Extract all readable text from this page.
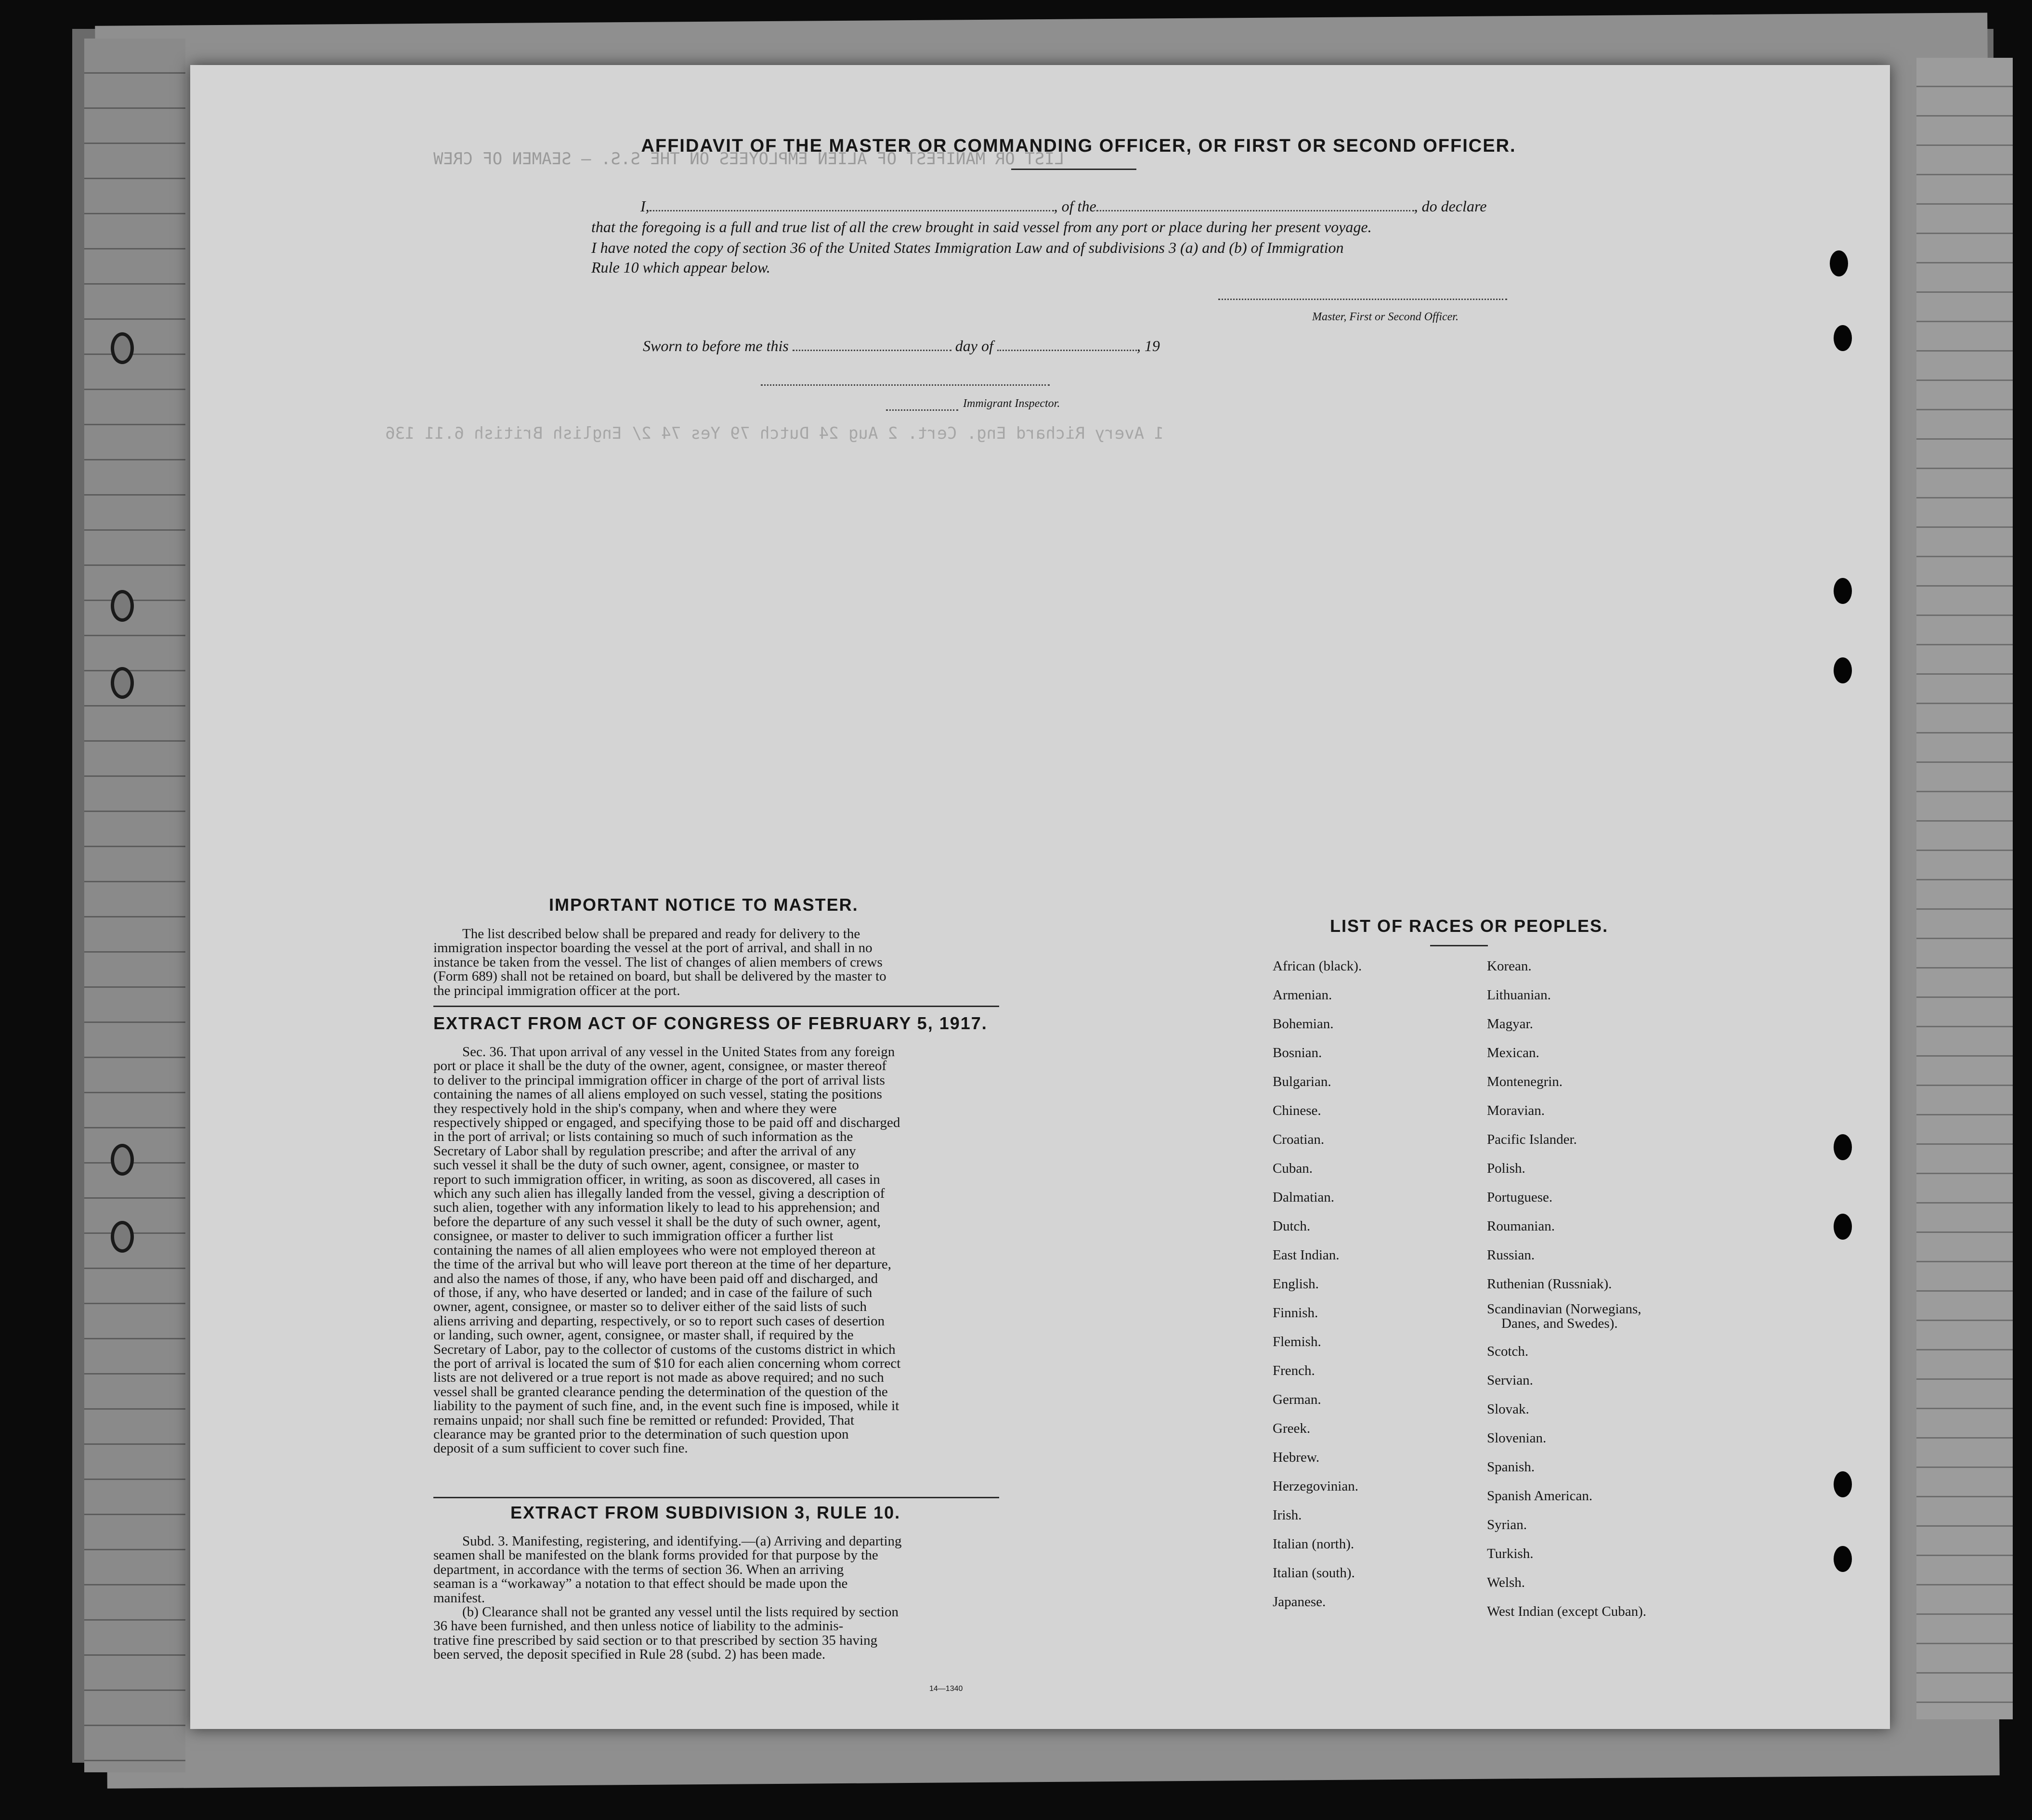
LIST OR MANIFEST OF ALIEN EMPLOYEES ON THE S.S. — SEAMEN OF CREW
1 Avery Richard Eng. Cert. 2 Aug 24 Dutch 79 Yes 74 2/ English British 6.11 136
AFFIDAVIT OF THE MASTER OR COMMANDING OFFICER, OR FIRST OR SECOND OFFICER.
I,	, of the	, do declare
that the foregoing is a full and true list of all the crew brought in said vessel from any port or place during her present voyage.
I have noted the copy of section 36 of the United States Immigration Law and of subdivisions 3 (a) and (b) of Immigration
Rule 10 which appear below.
Master, First or Second Officer.
Sworn to before me this	day of	, 19
Immigrant Inspector.
IMPORTANT NOTICE TO MASTER.
The list described below shall be prepared and ready for delivery to the
immigration inspector boarding the vessel at the port of arrival, and shall in no
instance be taken from the vessel. The list of changes of alien members of crews
(Form 689) shall not be retained on board, but shall be delivered by the master to
the principal immigration officer at the port.
EXTRACT FROM ACT OF CONGRESS OF FEBRUARY 5, 1917.
Sec. 36. That upon arrival of any vessel in the United States from any foreign
port or place it shall be the duty of the owner, agent, consignee, or master thereof
to deliver to the principal immigration officer in charge of the port of arrival lists
containing the names of all aliens employed on such vessel, stating the positions
they respectively hold in the ship's company, when and where they were
respectively shipped or engaged, and specifying those to be paid off and discharged
in the port of arrival; or lists containing so much of such information as the
Secretary of Labor shall by regulation prescribe; and after the arrival of any
such vessel it shall be the duty of such owner, agent, consignee, or master to
report to such immigration officer, in writing, as soon as discovered, all cases in
which any such alien has illegally landed from the vessel, giving a description of
such alien, together with any information likely to lead to his apprehension; and
before the departure of any such vessel it shall be the duty of such owner, agent,
consignee, or master to deliver to such immigration officer a further list
containing the names of all alien employees who were not employed thereon at
the time of the arrival but who will leave port thereon at the time of her departure,
and also the names of those, if any, who have been paid off and discharged, and
of those, if any, who have deserted or landed; and in case of the failure of such
owner, agent, consignee, or master so to deliver either of the said lists of such
aliens arriving and departing, respectively, or so to report such cases of desertion
or landing, such owner, agent, consignee, or master shall, if required by the
Secretary of Labor, pay to the collector of customs of the customs district in which
the port of arrival is located the sum of $10 for each alien concerning whom correct
lists are not delivered or a true report is not made as above required; and no such
vessel shall be granted clearance pending the determination of the question of the
liability to the payment of such fine, and, in the event such fine is imposed, while it
remains unpaid; nor shall such fine be remitted or refunded: Provided, That
clearance may be granted prior to the determination of such question upon
deposit of a sum sufficient to cover such fine.
EXTRACT FROM SUBDIVISION 3, RULE 10.
Subd. 3. Manifesting, registering, and identifying.—(a) Arriving and departing
seamen shall be manifested on the blank forms provided for that purpose by the
department, in accordance with the terms of section 36. When an arriving
seaman is a “workaway” a notation to that effect should be made upon the
manifest.
(b) Clearance shall not be granted any vessel until the lists required by section
36 have been furnished, and then unless notice of liability to the adminis-
trative fine prescribed by said section or to that prescribed by section 35 having
been served, the deposit specified in Rule 28 (subd. 2) has been made.
14—1340
LIST OF RACES OR PEOPLES.
African (black).
Armenian.
Bohemian.
Bosnian.
Bulgarian.
Chinese.
Croatian.
Cuban.
Dalmatian.
Dutch.
East Indian.
English.
Finnish.
Flemish.
French.
German.
Greek.
Hebrew.
Herzegovinian.
Irish.
Italian (north).
Italian (south).
Japanese.
Korean.
Lithuanian.
Magyar.
Mexican.
Montenegrin.
Moravian.
Pacific Islander.
Polish.
Portuguese.
Roumanian.
Russian.
Ruthenian (Russniak).
Scandinavian (Norwegians,
Danes, and Swedes).
Scotch.
Servian.
Slovak.
Slovenian.
Spanish.
Spanish American.
Syrian.
Turkish.
Welsh.
West Indian (except Cuban).
